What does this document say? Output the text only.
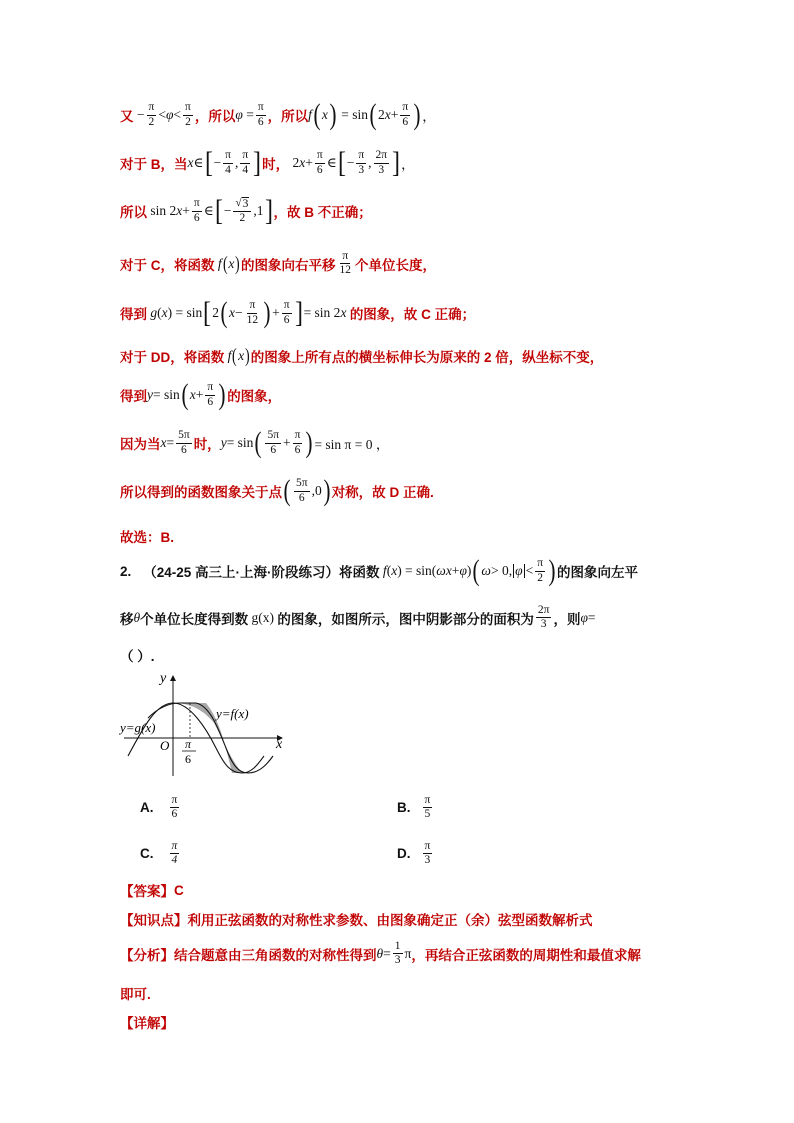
又 − $\frac{\pi}{2} < \varphi < \frac{\pi}{2}$ ，所以 $\varphi = \frac{\pi}{6}$ ，所以 f ( x ) = sin ( 2 $x + \frac{\pi}{6}$ ) ，
对于 B，当 x ∈ [ − $\frac{\pi}{4}$ , $\frac{\pi}{4}$ ] 时， 2 $x + \frac{\pi}{6}$ ∈ [ − $\frac{\pi}{3}$ , $\frac{2\pi}{3}$ ] ，
所以 sin 2 $x + \frac{\pi}{6}$ ∈ [ − $\frac{√ 3}{2} ,1$ ] ，故 B 不正确；
对于 C，将函数
f ( x ) 的图象向右平移 $\frac{\pi}{12}$ 个单位长度，
得到
g ( x ) = sin [ 2 ( $x - \frac{\pi}{12}$ ) + $\frac{\pi}{6}$ ] = sin 2 x
的图象，故 C 正确；
对于 DD，将函数
f ( x ) 的图象上所有点的横坐标伸长为原来的 2 倍，纵坐标不变，
得到 y = sin ( $x + \frac{\pi}{6}$ ) 的图象，
因为当 $x = \frac{5\pi}{6}$ 时， y = sin ( $\frac{5\pi}{6} + \frac{\pi}{6}$ ) = sin π = 0 ，
所以得到的函数图象关于点 ( $\frac{5\pi}{6} ,0$ ) 对称，故 D 正确.
故选：B.
2. （24-25 高三上·上海·阶段练习） 将函数
f ( x ) = sin( ωx + φ ) ( ω > 0, $\varphi < \frac{\pi}{2}$ ) 的图象向左平
移 θ 个单位长度得到数 g(x) 的图象，如图所示，图中阴影部分的面积为 $\frac{2\pi}{3}$ ，则 φ =
（ ）.
y
x
O
y=g(x)
y=f(x)
π
6
A. $\frac{\pi}{6}$	B. $\frac{\pi}{5}$
C. $\frac{\pi}{4}$	D. $\frac{\pi}{3}$
【答案】 C
【知识点】 利用正弦函数的对称性求参数、由图象确定正（余）弦型函数解析式
【分析】 结合题意由三角函数的对称性得到 $\theta = \frac{1}{3}$ π ，再结合正弦函数的周期性和最值求解
即可.
【详解】
